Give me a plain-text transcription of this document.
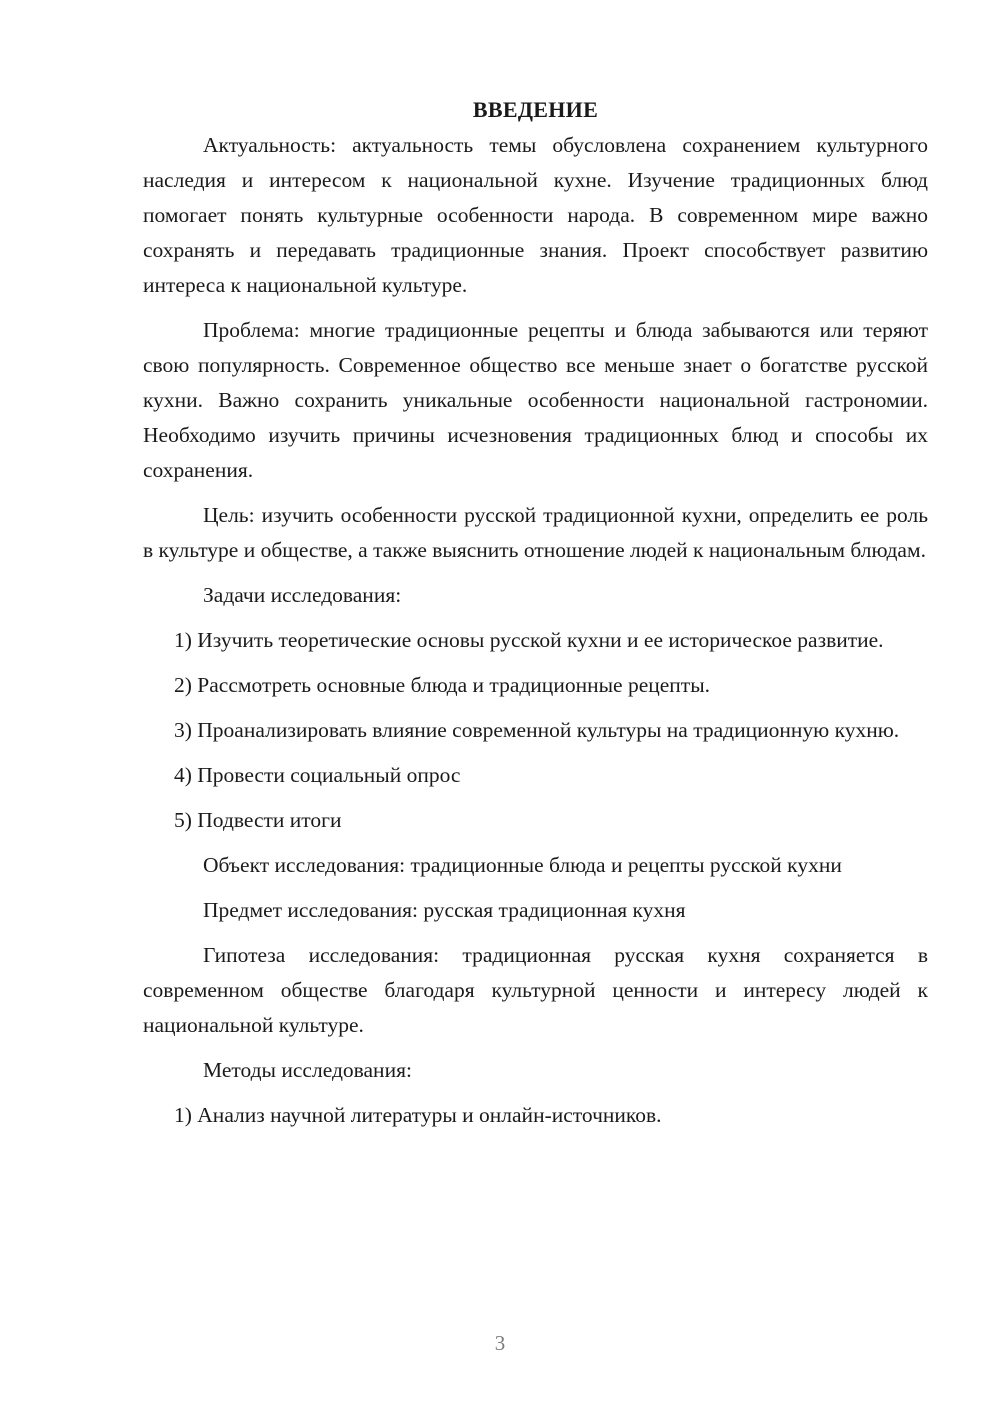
ВВЕДЕНИЕ

Актуальность: актуальность темы обусловлена сохранением культурного наследия и интересом к национальной кухне. Изучение традиционных блюд помогает понять культурные особенности народа. В современном мире важно сохранять и передавать традиционные знания. Проект способствует развитию интереса к национальной культуре.

Проблема: многие традиционные рецепты и блюда забываются или теряют свою популярность. Современное общество все меньше знает о богатстве русской кухни. Важно сохранить уникальные особенности национальной гастрономии. Необходимо изучить причины исчезновения традиционных блюд и способы их сохранения.

Цель: изучить особенности русской традиционной кухни, определить ее роль в культуре и обществе, а также выяснить отношение людей к национальным блюдам.

Задачи исследования:

1) Изучить теоретические основы русской кухни и ее историческое развитие.

2) Рассмотреть основные блюда и традиционные рецепты.

3) Проанализировать влияние современной культуры на традиционную кухню.

4) Провести социальный опрос

5) Подвести итоги

Объект исследования: традиционные блюда и рецепты русской кухни

Предмет исследования: русская традиционная кухня

Гипотеза исследования: традиционная русская кухня сохраняется в современном обществе благодаря культурной ценности и интересу людей к национальной культуре.

Методы исследования:

1) Анализ научной литературы и онлайн-источников.

3
